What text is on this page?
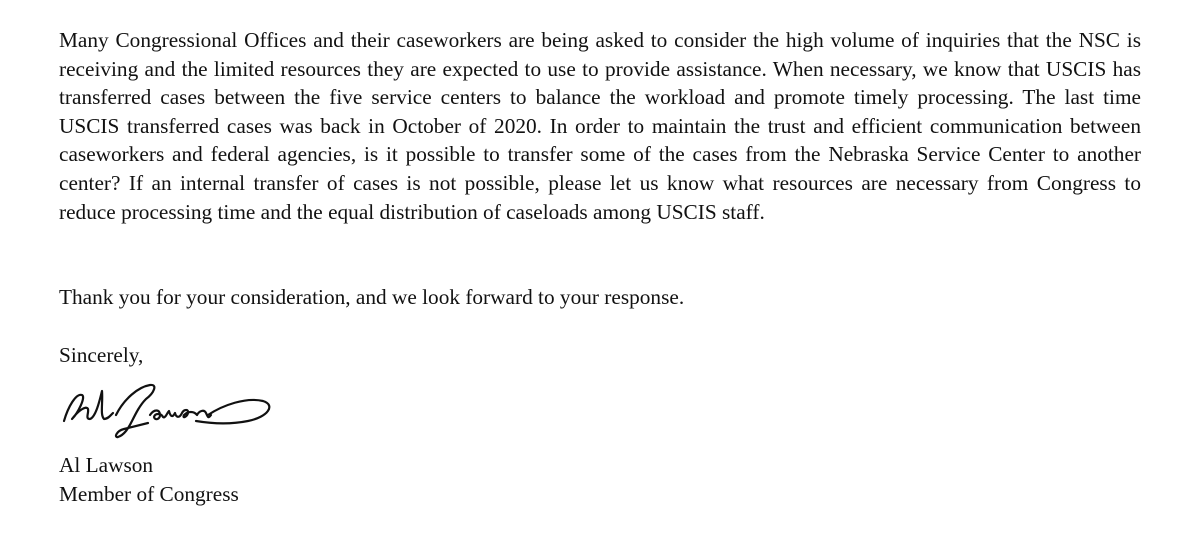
Many Congressional Offices and their caseworkers are being asked to consider the high volume of inquiries that the NSC is receiving and the limited resources they are expected to use to provide assistance. When necessary, we know that USCIS has transferred cases between the five service centers to balance the workload and promote timely processing. The last time USCIS transferred cases was back in October of 2020. In order to maintain the trust and efficient communication between caseworkers and federal agencies, is it possible to transfer some of the cases from the Nebraska Service Center to another center? If an internal transfer of cases is not possible, please let us know what resources are necessary from Congress to reduce processing time and the equal distribution of caseloads among USCIS staff.

Thank you for your consideration, and we look forward to your response.

Sincerely,

Al Lawson

Member of Congress
